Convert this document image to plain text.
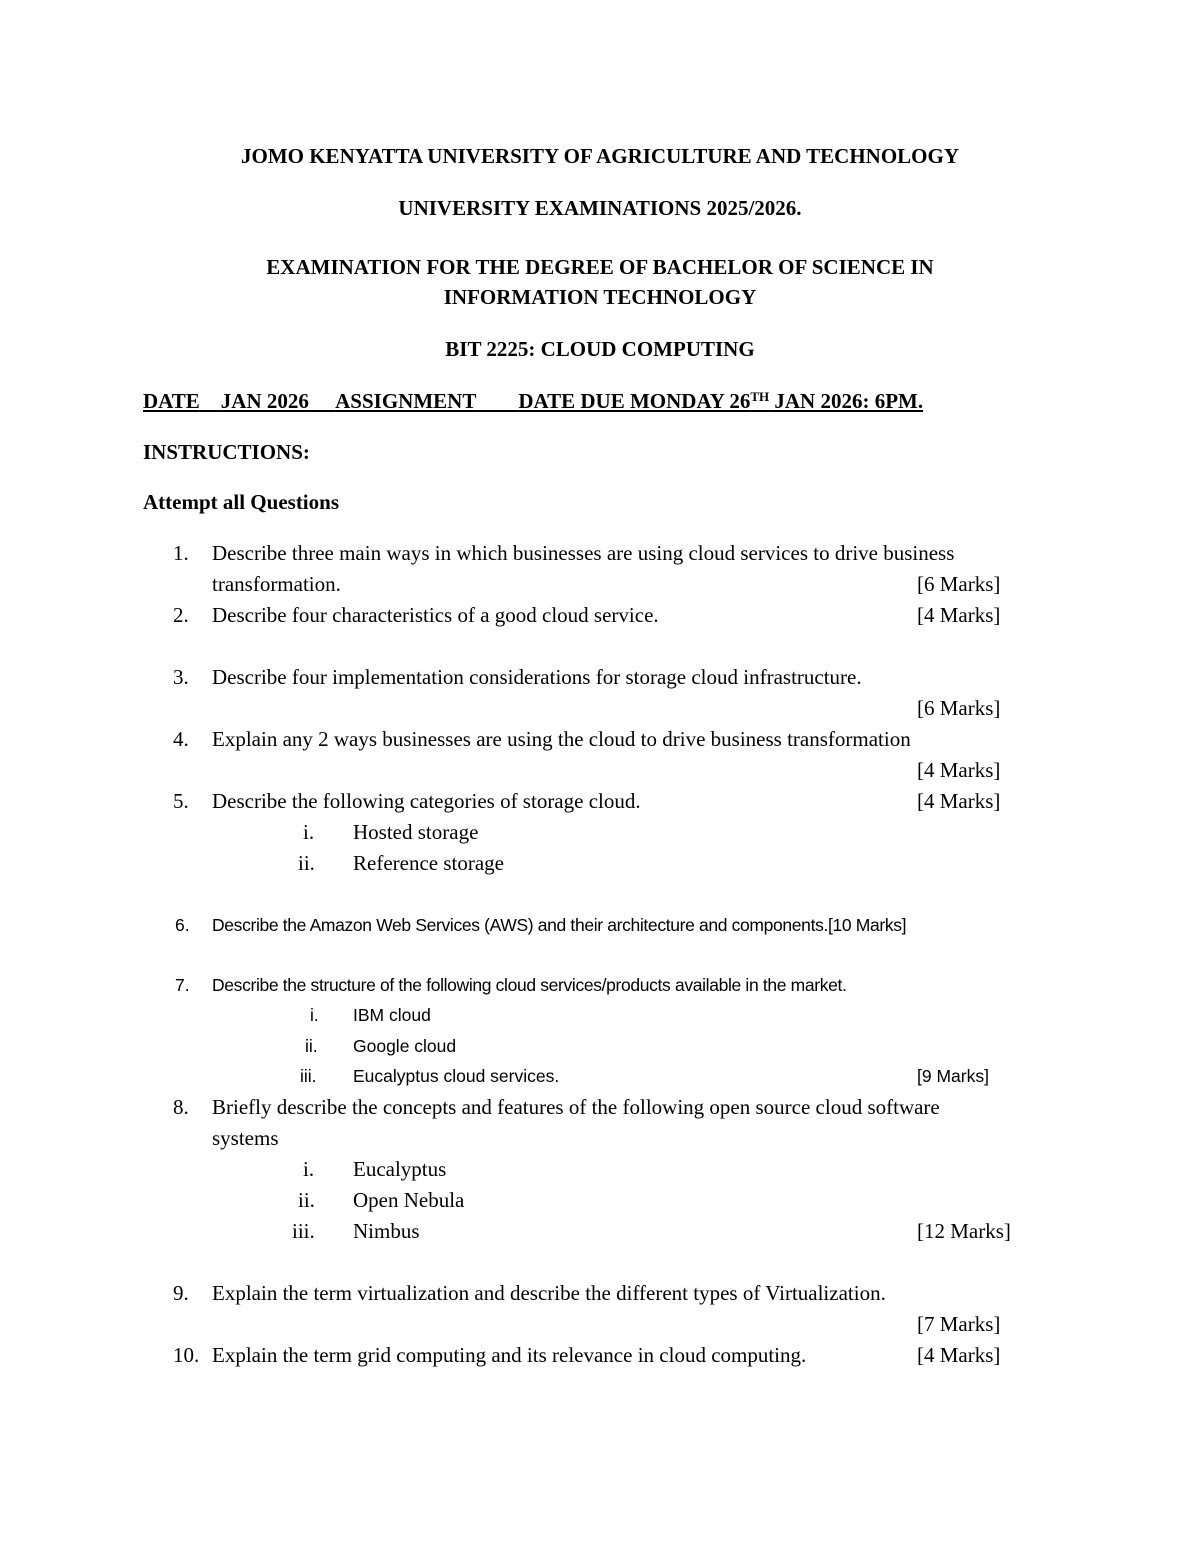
JOMO KENYATTA UNIVERSITY OF AGRICULTURE AND TECHNOLOGY
UNIVERSITY EXAMINATIONS 2025/2026.
EXAMINATION FOR THE DEGREE OF BACHELOR OF SCIENCE IN
INFORMATION TECHNOLOGY
BIT 2225: CLOUD COMPUTING
DATE JAN 2026 ASSIGNMENT DATE DUE MONDAY 26TH JAN 2026: 6PM.
INSTRUCTIONS:
Attempt all Questions
1. Describe three main ways in which businesses are using cloud services to drive business
transformation.	[6 Marks]
2. Describe four characteristics of a good cloud service.	[4 Marks]
3. Describe four implementation considerations for storage cloud infrastructure.
[6 Marks]
4. Explain any 2 ways businesses are using the cloud to drive business transformation
[4 Marks]
5. Describe the following categories of storage cloud.	[4 Marks]
i. Hosted storage
ii. Reference storage
6. Describe the Amazon Web Services (AWS) and their architecture and components.[10 Marks]
7. Describe the structure of the following cloud services/products available in the market.
i. IBM cloud
ii. Google cloud
iii. Eucalyptus cloud services.	[9 Marks]
8. Briefly describe the concepts and features of the following open source cloud software
systems
i. Eucalyptus
ii. Open Nebula
iii. Nimbus	[12 Marks]
9. Explain the term virtualization and describe the different types of Virtualization.
[7 Marks]
10. Explain the term grid computing and its relevance in cloud computing.	[4 Marks]
